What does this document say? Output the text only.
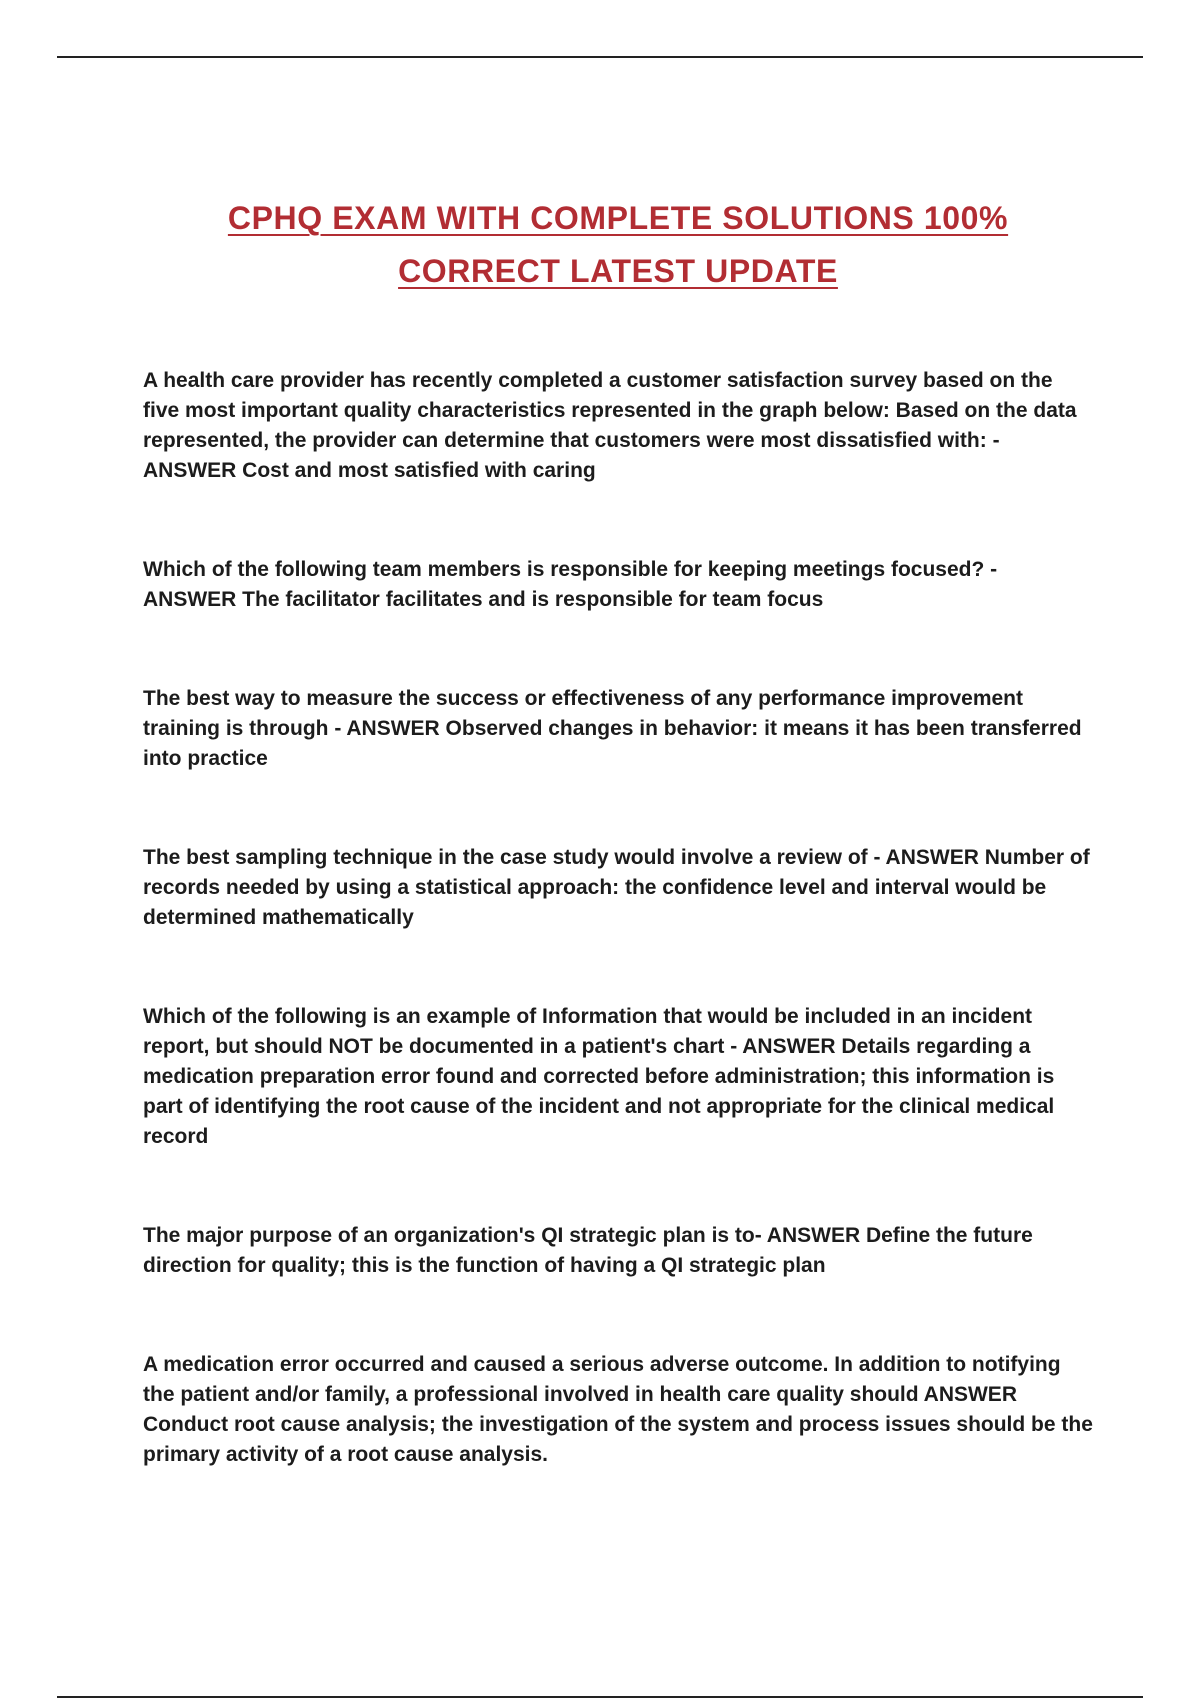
CPHQ EXAM WITH COMPLETE SOLUTIONS 100%
CORRECT LATEST UPDATE

A health care provider has recently completed a customer satisfaction survey based on the five most important quality characteristics represented in the graph below: Based on the data represented, the provider can determine that customers were most dissatisfied with: - ANSWER Cost and most satisfied with caring

Which of the following team members is responsible for keeping meetings focused? - ANSWER The facilitator facilitates and is responsible for team focus

The best way to measure the success or effectiveness of any performance improvement training is through - ANSWER Observed changes in behavior: it means it has been transferred into practice

The best sampling technique in the case study would involve a review of - ANSWER Number of records needed by using a statistical approach: the confidence level and interval would be determined mathematically

Which of the following is an example of Information that would be included in an incident report, but should NOT be documented in a patient's chart - ANSWER Details regarding a medication preparation error found and corrected before administration; this information is part of identifying the root cause of the incident and not appropriate for the clinical medical record

The major purpose of an organization's QI strategic plan is to- ANSWER Define the future direction for quality; this is the function of having a QI strategic plan

A medication error occurred and caused a serious adverse outcome. In addition to notifying the patient and/or family, a professional involved in health care quality should ANSWER Conduct root cause analysis; the investigation of the system and process issues should be the primary activity of a root cause analysis.
